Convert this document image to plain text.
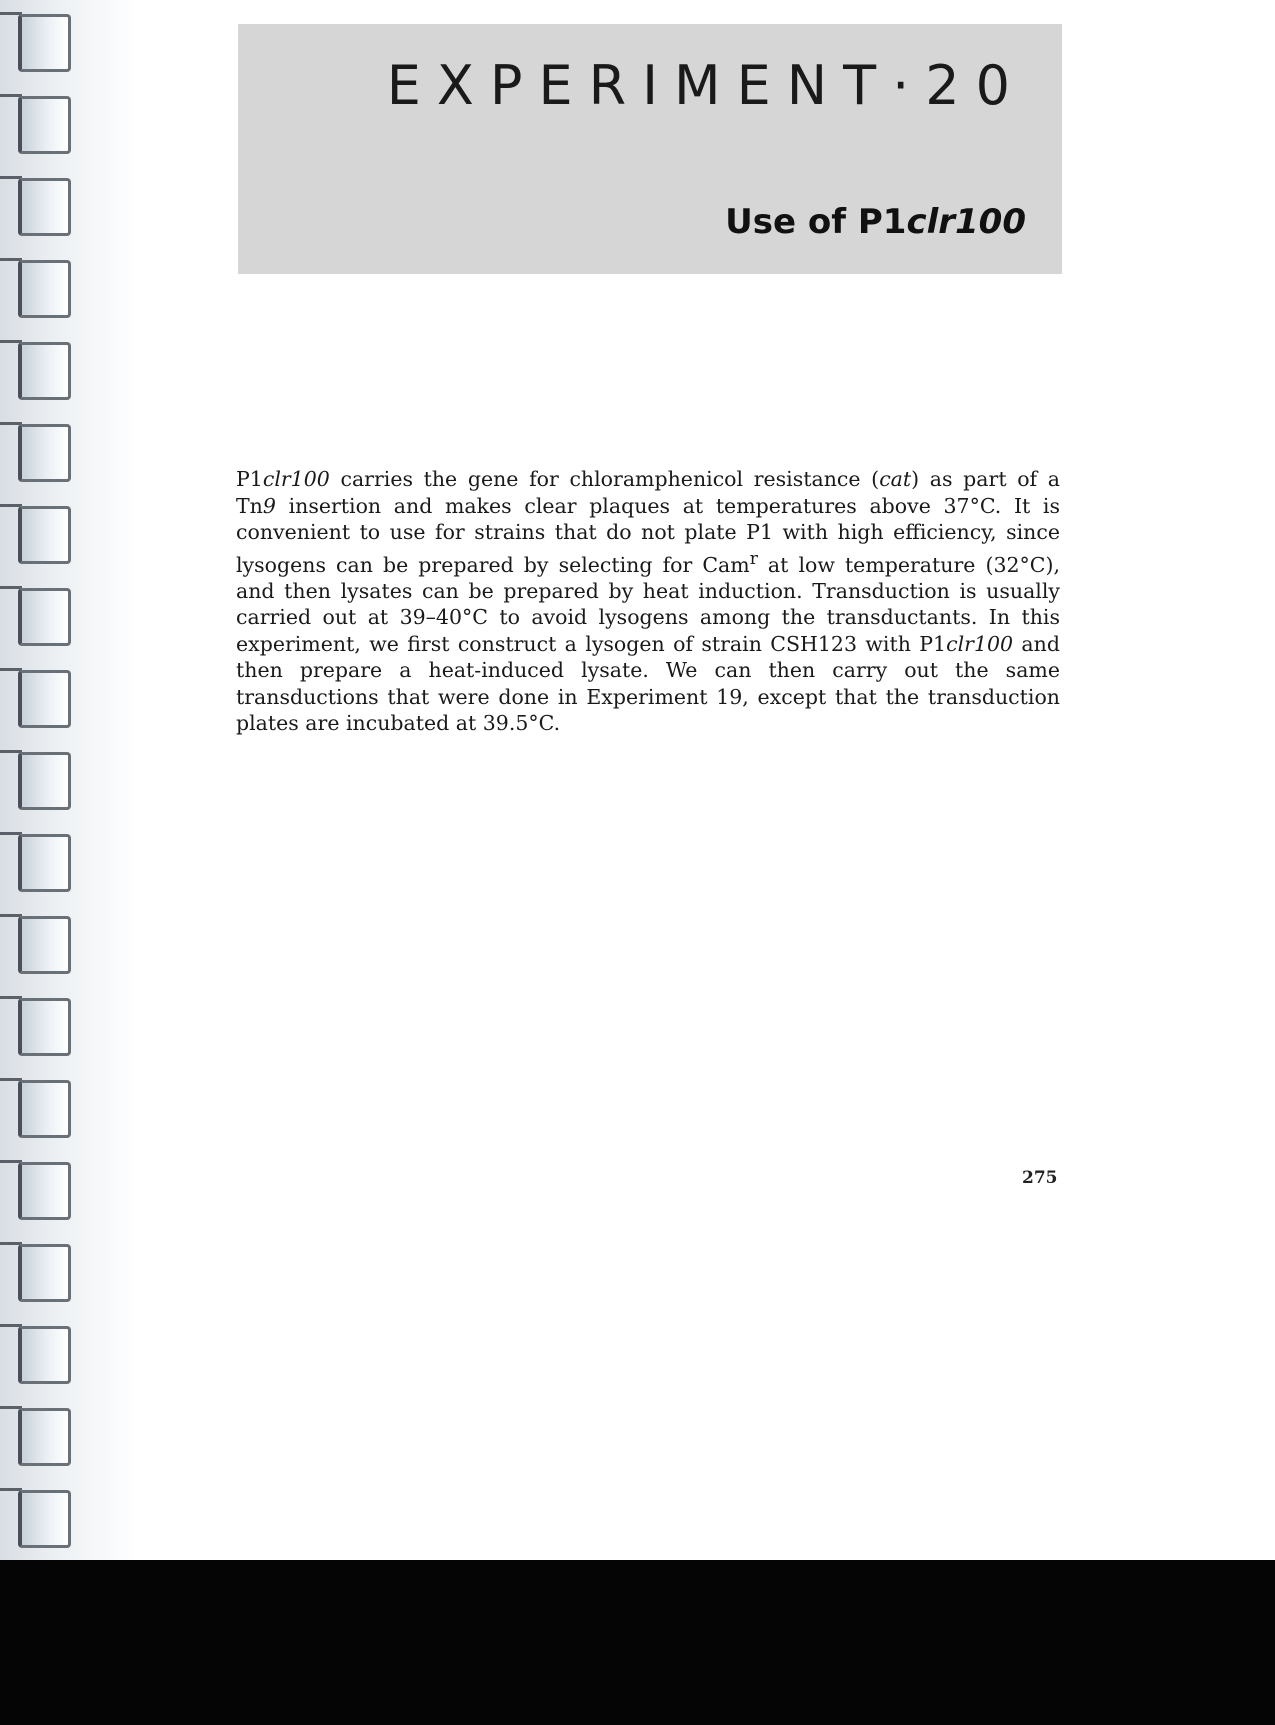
EXPERIMENT·20
Use of P1clr100
P1clr100 carries the gene for chloramphenicol resistance (cat) as part of a Tn9 insertion and makes clear plaques at temperatures above 37°C. It is convenient to use for strains that do not plate P1 with high efficiency, since lysogens can be prepared by selecting for Cam$^r$ at low temperature (32°C), and then lysates can be prepared by heat induction. Transduction is usually carried out at 39–40°C to avoid lysogens among the transductants. In this experiment, we first construct a lysogen of strain CSH123 with P1clr100 and then prepare a heat-induced lysate. We can then carry out the same transductions that were done in Experiment 19, except that the transduction plates are incubated at 39.5°C.
275
